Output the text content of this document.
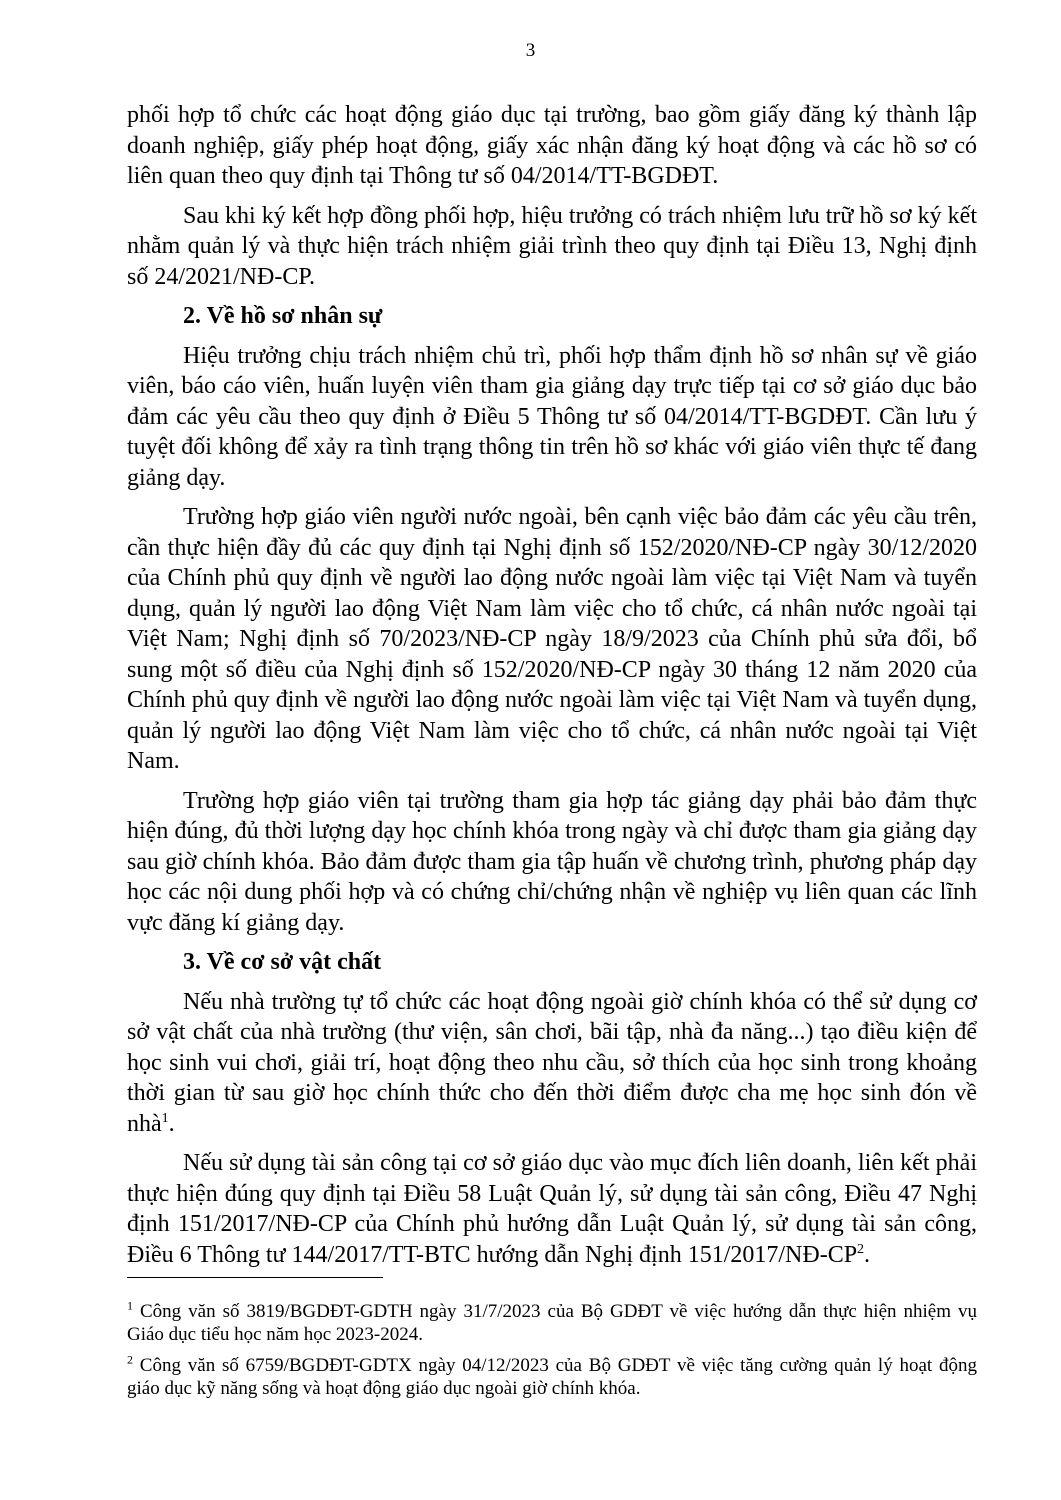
3

phối hợp tổ chức các hoạt động giáo dục tại trường, bao gồm giấy đăng ký thành lập doanh nghiệp, giấy phép hoạt động, giấy xác nhận đăng ký hoạt động và các hồ sơ có liên quan theo quy định tại Thông tư số 04/2014/TT-BGDĐT.

Sau khi ký kết hợp đồng phối hợp, hiệu trưởng có trách nhiệm lưu trữ hồ sơ ký kết nhằm quản lý và thực hiện trách nhiệm giải trình theo quy định tại Điều 13, Nghị định số 24/2021/NĐ-CP.

2. Về hồ sơ nhân sự

Hiệu trưởng chịu trách nhiệm chủ trì, phối hợp thẩm định hồ sơ nhân sự về giáo viên, báo cáo viên, huấn luyện viên tham gia giảng dạy trực tiếp tại cơ sở giáo dục bảo đảm các yêu cầu theo quy định ở Điều 5 Thông tư số 04/2014/TT-BGDĐT. Cần lưu ý tuyệt đối không để xảy ra tình trạng thông tin trên hồ sơ khác với giáo viên thực tế đang giảng dạy.

Trường hợp giáo viên người nước ngoài, bên cạnh việc bảo đảm các yêu cầu trên, cần thực hiện đầy đủ các quy định tại Nghị định số 152/2020/NĐ-CP ngày 30/12/2020 của Chính phủ quy định về người lao động nước ngoài làm việc tại Việt Nam và tuyển dụng, quản lý người lao động Việt Nam làm việc cho tổ chức, cá nhân nước ngoài tại Việt Nam; Nghị định số 70/2023/NĐ-CP ngày 18/9/2023 của Chính phủ sửa đổi, bổ sung một số điều của Nghị định số 152/2020/NĐ-CP ngày 30 tháng 12 năm 2020 của Chính phủ quy định về người lao động nước ngoài làm việc tại Việt Nam và tuyển dụng, quản lý người lao động Việt Nam làm việc cho tổ chức, cá nhân nước ngoài tại Việt Nam.

Trường hợp giáo viên tại trường tham gia hợp tác giảng dạy phải bảo đảm thực hiện đúng, đủ thời lượng dạy học chính khóa trong ngày và chỉ được tham gia giảng dạy sau giờ chính khóa. Bảo đảm được tham gia tập huấn về chương trình, phương pháp dạy học các nội dung phối hợp và có chứng chỉ/chứng nhận về nghiệp vụ liên quan các lĩnh vực đăng kí giảng dạy.

3. Về cơ sở vật chất

Nếu nhà trường tự tổ chức các hoạt động ngoài giờ chính khóa có thể sử dụng cơ sở vật chất của nhà trường (thư viện, sân chơi, bãi tập, nhà đa năng...) tạo điều kiện để học sinh vui chơi, giải trí, hoạt động theo nhu cầu, sở thích của học sinh trong khoảng thời gian từ sau giờ học chính thức cho đến thời điểm được cha mẹ học sinh đón về nhà$^1$.

Nếu sử dụng tài sản công tại cơ sở giáo dục vào mục đích liên doanh, liên kết phải thực hiện đúng quy định tại Điều 58 Luật Quản lý, sử dụng tài sản công, Điều 47 Nghị định 151/2017/NĐ-CP của Chính phủ hướng dẫn Luật Quản lý, sử dụng tài sản công, Điều 6 Thông tư 144/2017/TT-BTC hướng dẫn Nghị định $151/2017/NĐ-CP^2$.

$^1$ Công văn số 3819/BGDĐT-GDTH ngày 31/7/2023 của Bộ GDĐT về việc hướng dẫn thực hiện nhiệm vụ Giáo dục tiểu học năm học 2023-2024.

$^2$ Công văn số 6759/BGDĐT-GDTX ngày 04/12/2023 của Bộ GDĐT về việc tăng cường quản lý hoạt động giáo dục kỹ năng sống và hoạt động giáo dục ngoài giờ chính khóa.
